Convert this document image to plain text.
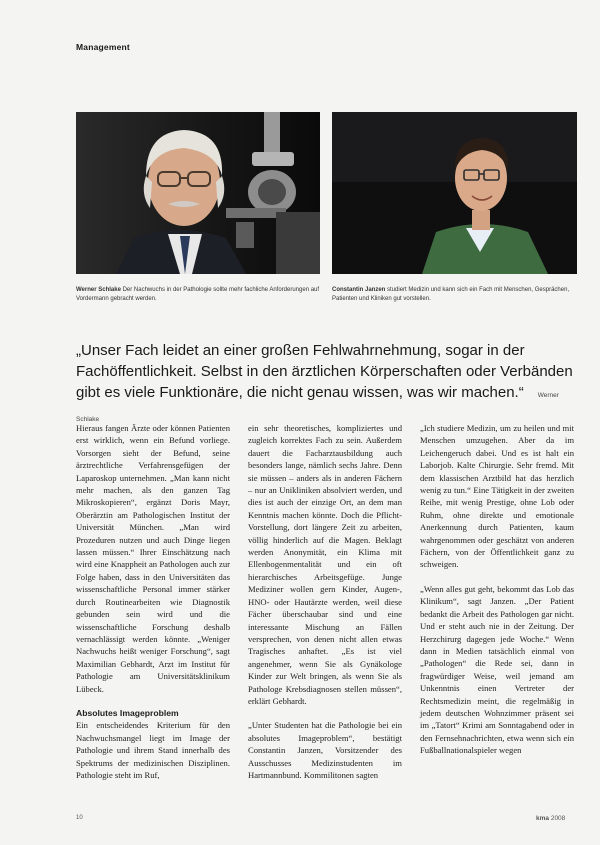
Management
Werner Schlake Der Nachwuchs in der Pathologie sollte mehr fachliche Anforderungen auf Vordermann gebracht werden.
Constantin Janzen studiert Medizin und kann sich ein Fach mit Menschen, Gesprächen, Patienten und Kliniken gut vorstellen.
„Unser Fach leidet an einer großen Fehlwahrnehmung, sogar in der Fachöffentlichkeit. Selbst in den ärztlichen Körperschaften oder Verbänden gibt es viele Funktionäre, die nicht genau wissen, was wir machen.“ Werner Schlake

Hieraus fangen Ärzte oder können Patienten erst wirklich, wenn ein Befund vorliege. Vorsorgen sieht der Befund, seine ärztrechtliche Verfahrensgefügen der Laparoskop unternehmen. „Man kann nicht mehr machen, als den ganzen Tag Mikroskopieren“, ergänzt Doris Mayr, Oberärztin am Pathologischen Institut der Universität München. „Man wird Prozeduren nutzen und auch Dinge liegen lassen müssen.“ Ihrer Einschätzung nach wird eine Knappheit an Pathologen auch zur Folge haben, dass in den Universitäten das wissenschaftliche Personal immer stärker durch Routinearbeiten wie Diagnostik gebunden sein wird und die wissenschaftliche Forschung deshalb vernachlässigt werden könnte. „Weniger Nachwuchs heißt weniger Forschung“, sagt Maximilian Gebhardt, Arzt im Institut für Pathologie am Universitätsklinikum Lübeck.

Absolutes Imageproblem

Ein entscheidendes Kriterium für den Nachwuchsmangel liegt im Image der Pathologie und ihrem Stand innerhalb des Spektrums der medizinischen Disziplinen. Pathologie steht im Ruf,

ein sehr theoretisches, kompliziertes und zugleich korrektes Fach zu sein. Außerdem dauert die Facharztausbildung auch besonders lange, nämlich sechs Jahre. Denn sie müssen – anders als in anderen Fächern – nur an Unikliniken absolviert werden, und dies ist auch der einzige Ort, an dem man Kenntnis machen könnte. Doch die Pflicht-Vorstellung, dort längere Zeit zu arbeiten, völlig hinderlich auf die Magen. Beklagt werden Anonymität, ein Klima mit Ellenbogenmentalität und ein oft hierarchisches Arbeitsgefüge. Junge Mediziner wollen gern Kinder, Augen-, HNO- oder Hautärzte werden, weil diese Fächer überschaubar sind und eine interessante Mischung an Fällen versprechen, von denen nicht allen etwas Tragisches anhaftet. „Es ist viel angenehmer, wenn Sie als Gynäkologe Kinder zur Welt bringen, als wenn Sie als Pathologe Krebsdiagnosen stellen müssen“, erklärt Gebhardt.

„Unter Studenten hat die Pathologie bei ein absolutes Imageproblem“, bestätigt Constantin Janzen, Vorsitzender des Ausschusses Medizinstudenten im Hartmannbund. Kommilitonen sagten

„Ich studiere Medizin, um zu heilen und mit Menschen umzugehen. Aber da im Leichengeruch dabei. Und es ist halt ein Laborjob. Kalte Chirurgie. Sehr fremd. Mit dem klassischen Arztbild hat das herzlich wenig zu tun.“ Eine Tätigkeit in der zweiten Reihe, mit wenig Prestige, ohne Lob oder Ruhm, ohne direkte und emotionale Anerkennung durch Patienten, kaum wahrgenommen oder geschätzt von anderen Fächern, von der Öffentlichkeit ganz zu schweigen.

„Wenn alles gut geht, bekommt das Lob das Klinikum“, sagt Janzen. „Der Patient bedankt die Arbeit des Pathologen gar nicht. Und er steht auch nie in der Zeitung. Der Herzchirurg dagegen jede Woche.“ Wenn dann in Medien tatsächlich einmal von „Pathologen“ die Rede sei, dann in fragwürdiger Weise, weil jemand am Unkenntnis einen Vertreter der Rechtsmedizin meint, die regelmäßig in jedem deutschen Wohnzimmer präsent sei im „Tatort“ Krimi am Sonntagabend oder in den Fernsehnachrichten, etwa wenn sich ein Fußballnationalspieler wegen

10	kma 2008
